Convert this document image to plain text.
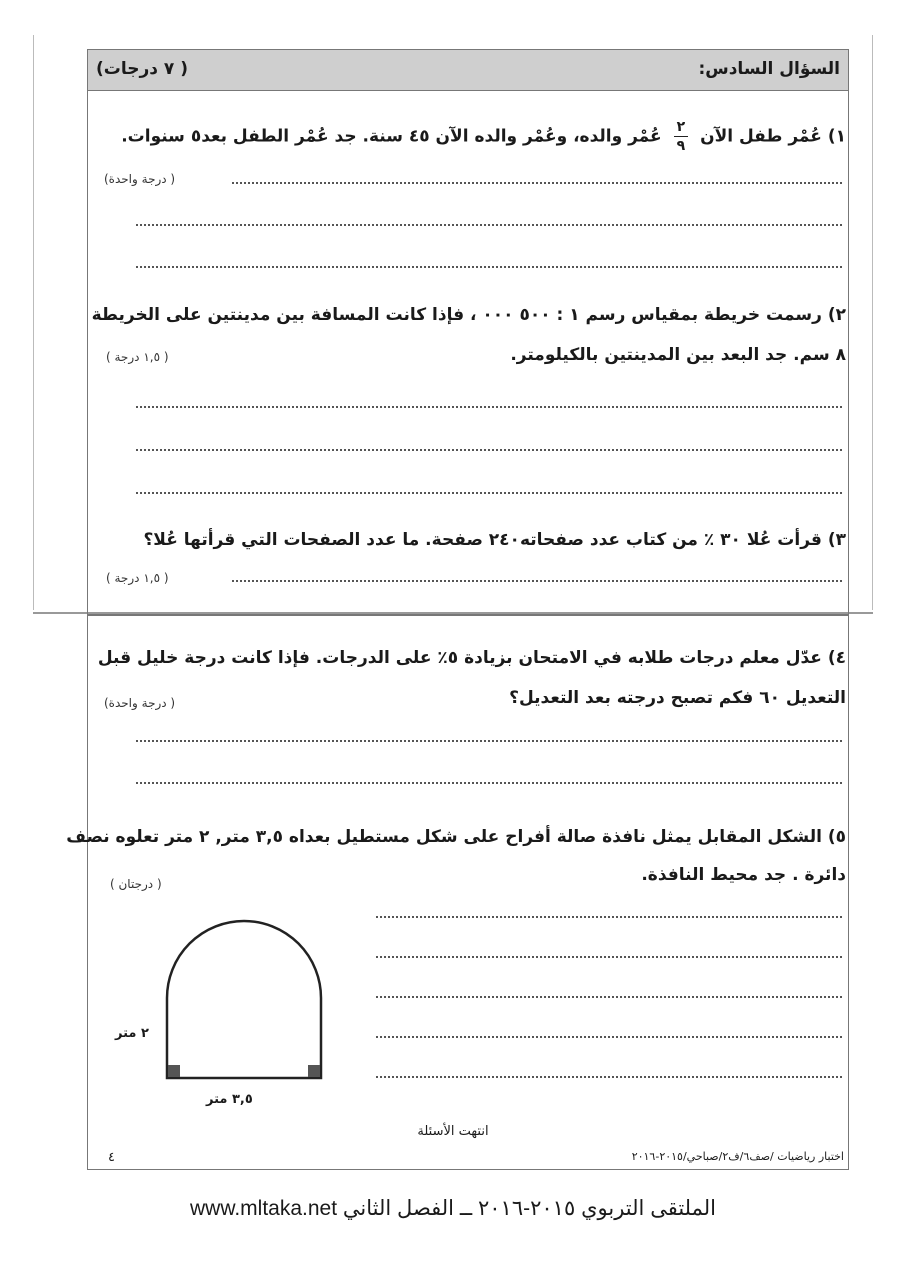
السؤال السادس:
( ٧ درجات)
١) عُمْر طفل الآن
$\frac{٢}{٩}$
عُمْر والده، وعُمْر والده الآن ٤٥ سنة. جد عُمْر الطفل بعد٥ سنوات.
( درجة واحدة)
٢) رسمت خريطة بمقياس رسم ١ : ٥٠٠ ٠٠٠ ، فإذا كانت المسافة بين مدينتين على الخريطة
٨ سم. جد البعد بين المدينتين بالكيلومتر.
( ١,٥ درجة )
٣) قرأت عُلا ٣٠ ٪ من كتاب عدد صفحاته٢٤٠ صفحة. ما عدد الصفحات التي قرأتها عُلا؟
( ١,٥ درجة )
٤) عدّل معلم درجات طلابه في الامتحان بزيادة ٥٪ على الدرجات. فإذا كانت درجة خليل قبل
التعديل ٦٠ فكم تصبح درجته بعد التعديل؟
( درجة واحدة)
٥) الشكل المقابل يمثل نافذة صالة أفراح على شكل مستطيل بعداه ٣,٥ متر, ٢ متر تعلوه نصف
دائرة . جد محيط النافذة.
( درجتان )
٢ متر
٣,٥ متر
انتهت الأسئلة
٤	اختبار رياضيات /صف٦/ف٢/صباحي/٢٠١٥-٢٠١٦
الملتقى التربوي ٢٠١٥-٢٠١٦ ــ الفصل الثاني www.mltaka.net
